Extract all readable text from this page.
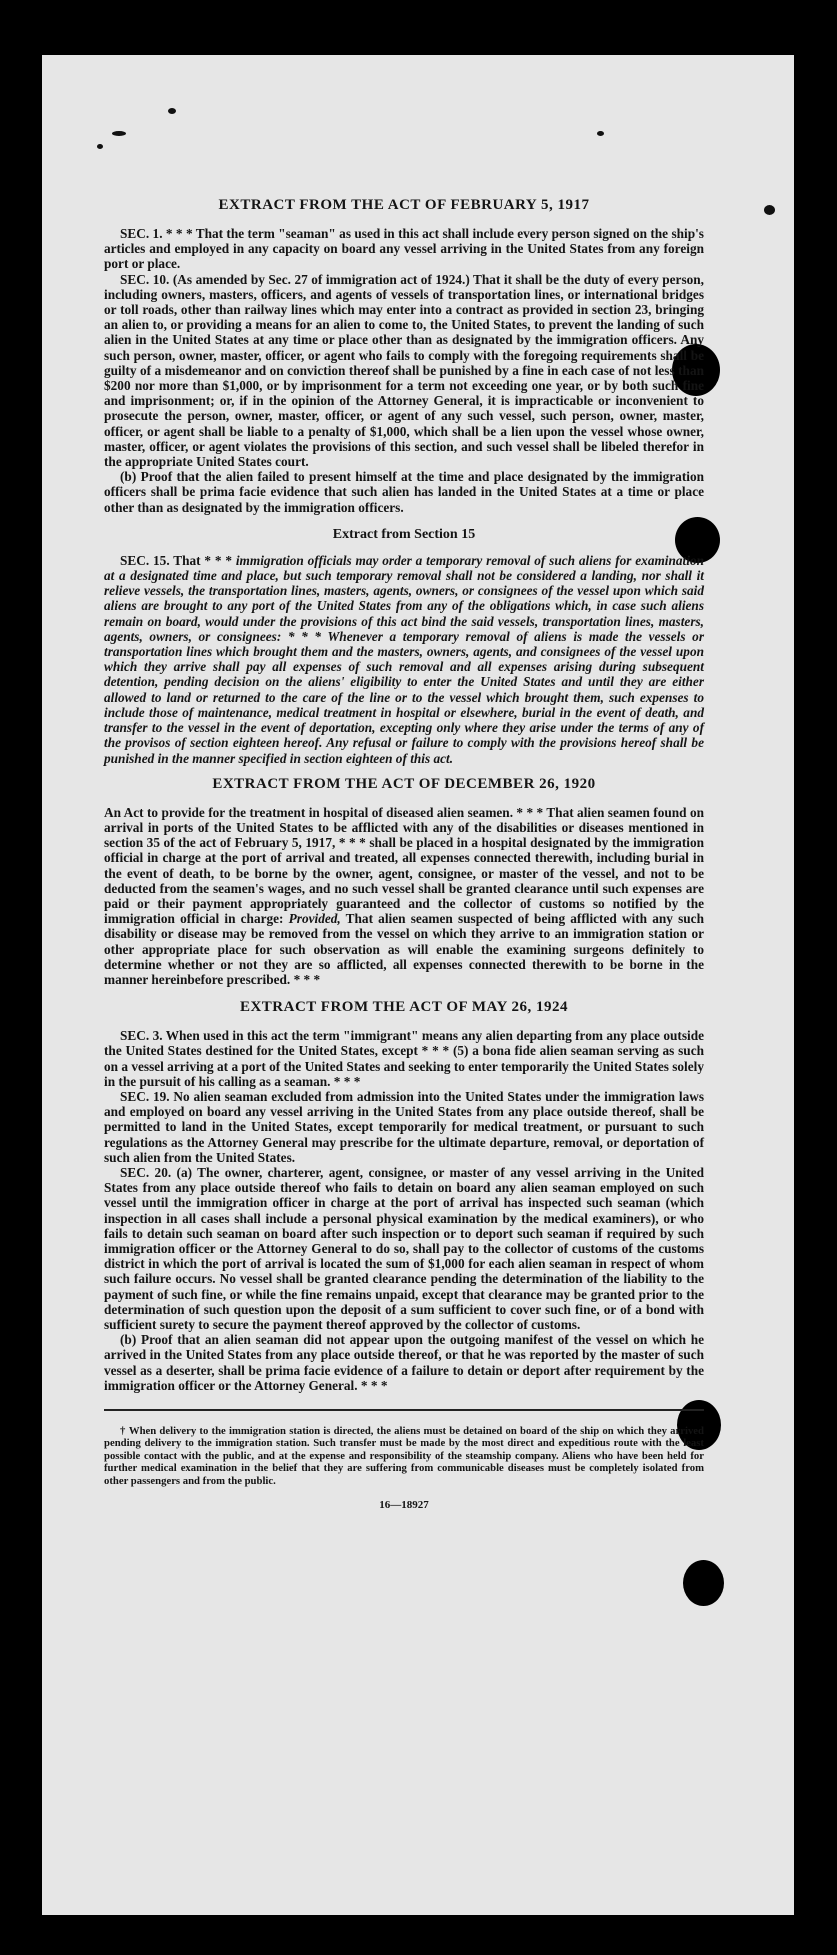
EXTRACT FROM THE ACT OF FEBRUARY 5, 1917
SEC. 1. * * * That the term "seaman" as used in this act shall include every person signed on the ship's articles and employed in any capacity on board any vessel arriving in the United States from any foreign port or place.
SEC. 10. (As amended by Sec. 27 of immigration act of 1924.) That it shall be the duty of every person, including owners, masters, officers, and agents of vessels of transportation lines, or international bridges or toll roads, other than railway lines which may enter into a contract as provided in section 23, bringing an alien to, or providing a means for an alien to come to, the United States, to prevent the landing of such alien in the United States at any time or place other than as designated by the immigration officers. Any such person, owner, master, officer, or agent who fails to comply with the foregoing requirements shall be guilty of a misdemeanor and on conviction thereof shall be punished by a fine in each case of not less than $200 nor more than $1,000, or by imprisonment for a term not exceeding one year, or by both such fine and imprisonment; or, if in the opinion of the Attorney General, it is impracticable or inconvenient to prosecute the person, owner, master, officer, or agent of any such vessel, such person, owner, master, officer, or agent shall be liable to a penalty of $1,000, which shall be a lien upon the vessel whose owner, master, officer, or agent violates the provisions of this section, and such vessel shall be libeled therefor in the appropriate United States court.
(b) Proof that the alien failed to present himself at the time and place designated by the immigration officers shall be prima facie evidence that such alien has landed in the United States at a time or place other than as designated by the immigration officers.
Extract from Section 15
SEC. 15. That * * * immigration officials may order a temporary removal of such aliens for examination at a designated time and place, but such temporary removal shall not be considered a landing, nor shall it relieve vessels, the transportation lines, masters, agents, owners, or consignees of the vessel upon which said aliens are brought to any port of the United States from any of the obligations which, in case such aliens remain on board, would under the provisions of this act bind the said vessels, transportation lines, masters, agents, owners, or consignees: * * * Whenever a temporary removal of aliens is made the vessels or transportation lines which brought them and the masters, owners, agents, and consignees of the vessel upon which they arrive shall pay all expenses of such removal and all expenses arising during subsequent detention, pending decision on the aliens' eligibility to enter the United States and until they are either allowed to land or returned to the care of the line or to the vessel which brought them, such expenses to include those of maintenance, medical treatment in hospital or elsewhere, burial in the event of death, and transfer to the vessel in the event of deportation, excepting only where they arise under the terms of any of the provisos of section eighteen hereof. Any refusal or failure to comply with the provisions hereof shall be punished in the manner specified in section eighteen of this act.
EXTRACT FROM THE ACT OF DECEMBER 26, 1920
An Act to provide for the treatment in hospital of diseased alien seamen. * * * That alien seamen found on arrival in ports of the United States to be afflicted with any of the disabilities or diseases mentioned in section 35 of the act of February 5, 1917, * * * shall be placed in a hospital designated by the immigration official in charge at the port of arrival and treated, all expenses connected therewith, including burial in the event of death, to be borne by the owner, agent, consignee, or master of the vessel, and not to be deducted from the seamen's wages, and no such vessel shall be granted clearance until such expenses are paid or their payment appropriately guaranteed and the collector of customs so notified by the immigration official in charge: Provided, That alien seamen suspected of being afflicted with any such disability or disease may be removed from the vessel on which they arrive to an immigration station or other appropriate place for such observation as will enable the examining surgeons definitely to determine whether or not they are so afflicted, all expenses connected therewith to be borne in the manner hereinbefore prescribed. * * *
EXTRACT FROM THE ACT OF MAY 26, 1924
SEC. 3. When used in this act the term "immigrant" means any alien departing from any place outside the United States destined for the United States, except * * * (5) a bona fide alien seaman serving as such on a vessel arriving at a port of the United States and seeking to enter temporarily the United States solely in the pursuit of his calling as a seaman. * * *
SEC. 19. No alien seaman excluded from admission into the United States under the immigration laws and employed on board any vessel arriving in the United States from any place outside thereof, shall be permitted to land in the United States, except temporarily for medical treatment, or pursuant to such regulations as the Attorney General may prescribe for the ultimate departure, removal, or deportation of such alien from the United States.
SEC. 20. (a) The owner, charterer, agent, consignee, or master of any vessel arriving in the United States from any place outside thereof who fails to detain on board any alien seaman employed on such vessel until the immigration officer in charge at the port of arrival has inspected such seaman (which inspection in all cases shall include a personal physical examination by the medical examiners), or who fails to detain such seaman on board after such inspection or to deport such seaman if required by such immigration officer or the Attorney General to do so, shall pay to the collector of customs of the customs district in which the port of arrival is located the sum of $1,000 for each alien seaman in respect of whom such failure occurs. No vessel shall be granted clearance pending the determination of the liability to the payment of such fine, or while the fine remains unpaid, except that clearance may be granted prior to the determination of such question upon the deposit of a sum sufficient to cover such fine, or of a bond with sufficient surety to secure the payment thereof approved by the collector of customs.
(b) Proof that an alien seaman did not appear upon the outgoing manifest of the vessel on which he arrived in the United States from any place outside thereof, or that he was reported by the master of such vessel as a deserter, shall be prima facie evidence of a failure to detain or deport after requirement by the immigration officer or the Attorney General. * * *
† When delivery to the immigration station is directed, the aliens must be detained on board of the ship on which they arrived pending delivery to the immigration station. Such transfer must be made by the most direct and expeditious route with the least possible contact with the public, and at the expense and responsibility of the steamship company. Aliens who have been held for further medical examination in the belief that they are suffering from communicable diseases must be completely isolated from other passengers and from the public.
16—18927
